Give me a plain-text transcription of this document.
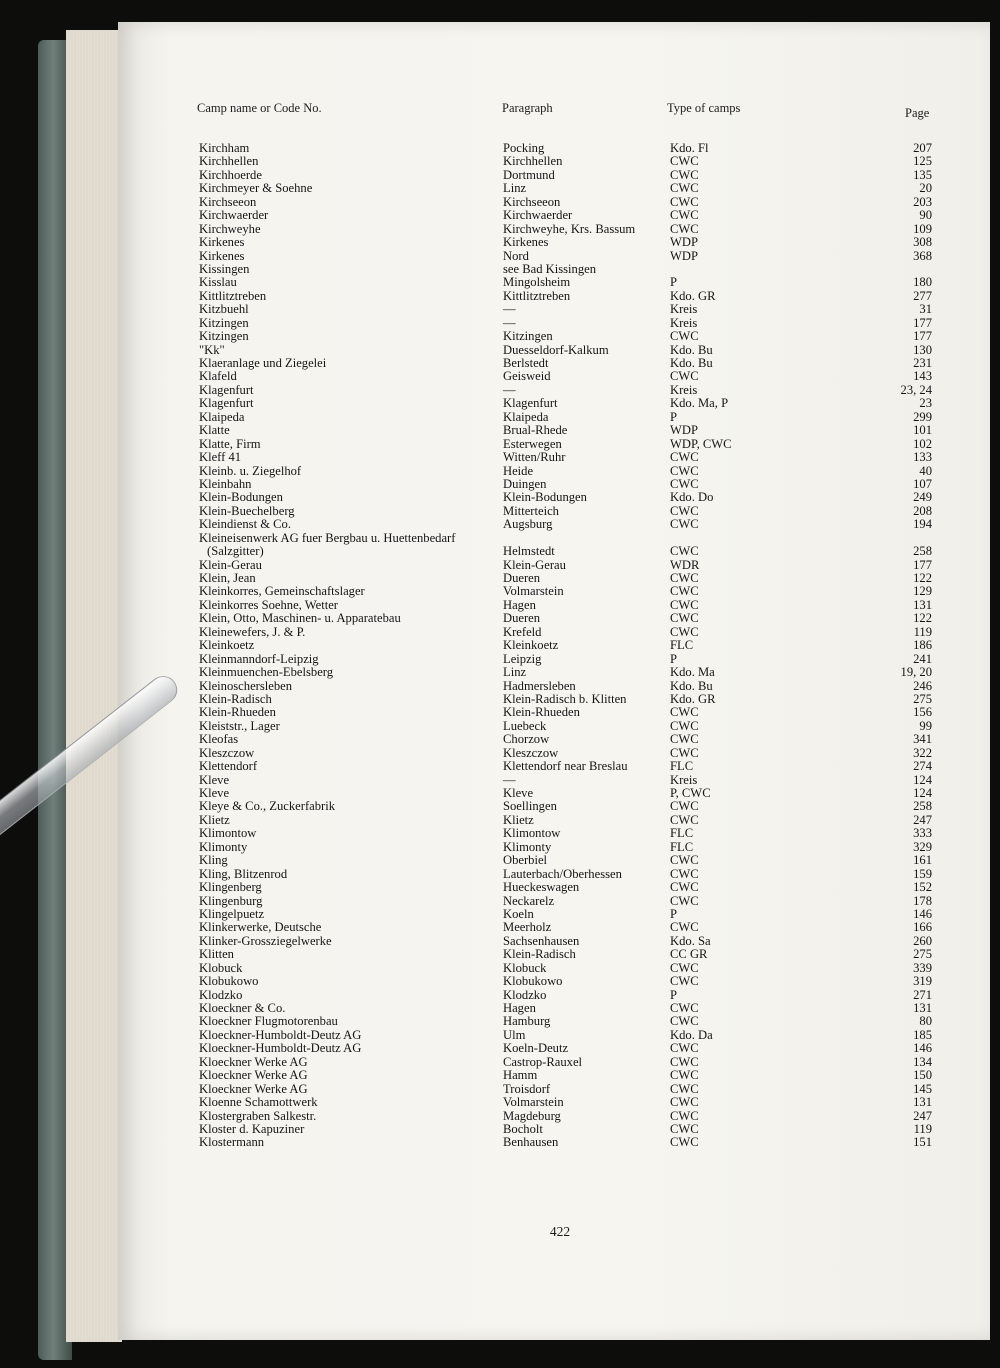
Camp name or Code No.	Paragraph	Type of camps	Page
Kirchham	Pocking	Kdo. Fl	207
Kirchhellen	Kirchhellen	CWC	125
Kirchhoerde	Dortmund	CWC	135
Kirchmeyer & Soehne	Linz	CWC	20
Kirchseeon	Kirchseeon	CWC	203
Kirchwaerder	Kirchwaerder	CWC	90
Kirchweyhe	Kirchweyhe, Krs. Bassum	CWC	109
Kirkenes	Kirkenes	WDP	308
Kirkenes	Nord	WDP	368
Kissingen	see Bad Kissingen
Kisslau	Mingolsheim	P	180
Kittlitztreben	Kittlitztreben	Kdo. GR	277
Kitzbuehl	—	Kreis	31
Kitzingen	—	Kreis	177
Kitzingen	Kitzingen	CWC	177
"Kk"	Duesseldorf-Kalkum	Kdo. Bu	130
Klaeranlage und Ziegelei	Berlstedt	Kdo. Bu	231
Klafeld	Geisweid	CWC	143
Klagenfurt	—	Kreis	23, 24
Klagenfurt	Klagenfurt	Kdo. Ma, P	23
Klaipeda	Klaipeda	P	299
Klatte	Brual-Rhede	WDP	101
Klatte, Firm	Esterwegen	WDP, CWC	102
Kleff 41	Witten/Ruhr	CWC	133
Kleinb. u. Ziegelhof	Heide	CWC	40
Kleinbahn	Duingen	CWC	107
Klein-Bodungen	Klein-Bodungen	Kdo. Do	249
Klein-Buechelberg	Mitterteich	CWC	208
Kleindienst & Co.	Augsburg	CWC	194
Kleineisenwerk AG fuer Bergbau u. Huettenbedarf
(Salzgitter)	Helmstedt	CWC	258
Klein-Gerau	Klein-Gerau	WDR	177
Klein, Jean	Dueren	CWC	122
Kleinkorres, Gemeinschaftslager	Volmarstein	CWC	129
Kleinkorres Soehne, Wetter	Hagen	CWC	131
Klein, Otto, Maschinen- u. Apparatebau	Dueren	CWC	122
Kleinewefers, J. & P.	Krefeld	CWC	119
Kleinkoetz	Kleinkoetz	FLC	186
Kleinmanndorf-Leipzig	Leipzig	P	241
Kleinmuenchen-Ebelsberg	Linz	Kdo. Ma	19, 20
Kleinoschersleben	Hadmersleben	Kdo. Bu	246
Klein-Radisch	Klein-Radisch b. Klitten	Kdo. GR	275
Klein-Rhueden	Klein-Rhueden	CWC	156
Kleiststr., Lager	Luebeck	CWC	99
Kleofas	Chorzow	CWC	341
Kleszczow	Kleszczow	CWC	322
Klettendorf	Klettendorf near Breslau	FLC	274
Kleve	—	Kreis	124
Kleve	Kleve	P, CWC	124
Kleye & Co., Zuckerfabrik	Soellingen	CWC	258
Klietz	Klietz	CWC	247
Klimontow	Klimontow	FLC	333
Klimonty	Klimonty	FLC	329
Kling	Oberbiel	CWC	161
Kling, Blitzenrod	Lauterbach/Oberhessen	CWC	159
Klingenberg	Hueckeswagen	CWC	152
Klingenburg	Neckarelz	CWC	178
Klingelpuetz	Koeln	P	146
Klinkerwerke, Deutsche	Meerholz	CWC	166
Klinker-Grossziegelwerke	Sachsenhausen	Kdo. Sa	260
Klitten	Klein-Radisch	CC GR	275
Klobuck	Klobuck	CWC	339
Klobukowo	Klobukowo	CWC	319
Klodzko	Klodzko	P	271
Kloeckner & Co.	Hagen	CWC	131
Kloeckner Flugmotorenbau	Hamburg	CWC	80
Kloeckner-Humboldt-Deutz AG	Ulm	Kdo. Da	185
Kloeckner-Humboldt-Deutz AG	Koeln-Deutz	CWC	146
Kloeckner Werke AG	Castrop-Rauxel	CWC	134
Kloeckner Werke AG	Hamm	CWC	150
Kloeckner Werke AG	Troisdorf	CWC	145
Kloenne Schamottwerk	Volmarstein	CWC	131
Klostergraben Salkestr.	Magdeburg	CWC	247
Kloster d. Kapuziner	Bocholt	CWC	119
Klostermann	Benhausen	CWC	151
422
